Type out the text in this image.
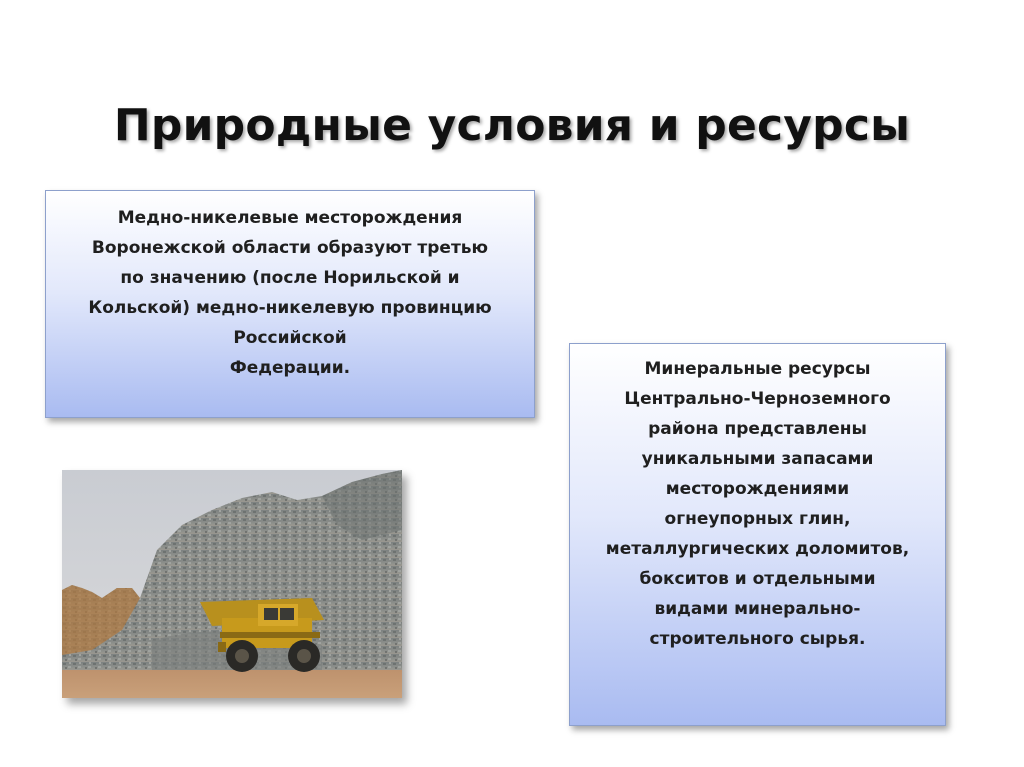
Природные условия и ресурсы
Медно-никелевые месторождения
Воронежской области образуют третью
по значению (после Норильской и
Кольской) медно-никелевую провинцию
Российской
Федерации.	Минеральные ресурсы
Центрально-Черноземного
района представлены
уникальными запасами
месторождениями
огнеупорных глин,
металлургических доломитов,
бокситов и отдельными
видами минерально-
строительного сырья.
